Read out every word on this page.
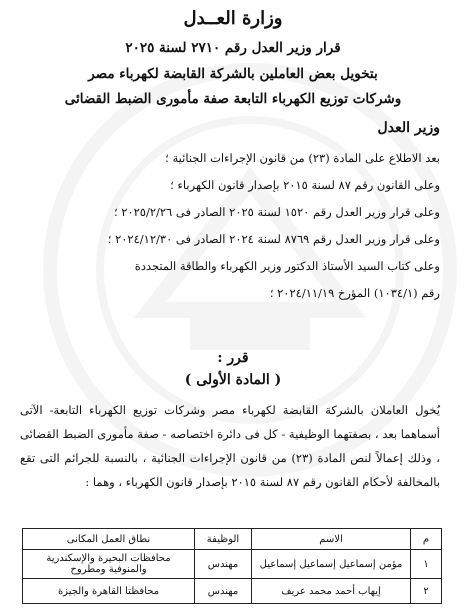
وزارة العــدل
قرار وزير العدل رقم ٢٧١٠ لسنة ٢٠٢٥
بتخويل بعض العاملين بالشركة القابضة لكهرباء مصر
وشركات توزيع الكهرباء التابعة صفة مأمورى الضبط القضائى
وزير العدل
بعد الاطلاع على المادة (٢٣) من قانون الإجراءات الجنائية ؛
وعلى القانون رقم ٨٧ لسنة ٢٠١٥ بإصدار قانون الكهرباء ؛
وعلى قرار وزير العدل رقم ١٥٢٠ لسنة ٢٠٢٥ الصادر فى ٢٠٢٥/٢/٢٦ ؛
وعلى قرار وزير العدل رقم ٨٧٦٩ لسنة ٢٠٢٤ الصادر فى ٢٠٢٤/١٢/٣٠ ؛
وعلى كتاب السيد الأستاذ الدكتور وزير الكهرباء والطاقة المتجددة
رقم (١٠٣٤/١) المؤرخ ٢٠٢٤/١١/١٩ ؛
قرر :
( المادة الأولى )
يُخول العاملان بالشركة القابضة لكهرباء مصر وشركات توزيع الكهرباء التابعة- الآتى أسماهما بعد ، بصفتهما الوظيفية - كل فى دائرة اختصاصه - صفة مأمورى الضبط القضائى ، وذلك إعمالاً لنص المادة (٢٣) من قانون الإجراءات الجنائية ، بالنسبة للجرائم التى تقع بالمخالفة لأحكام القانون رقم ٨٧ لسنة ٢٠١٥ بإصدار قانون الكهرباء ، وهما :
م	الاسم	الوظيفة	نطاق العمل المكانى
١	مؤمن إسماعيل إسماعيل إسماعيل	مهندس	محافظات البحيرة والإسكندرية والمنوفية ومطروح
٢	إيهاب أحمد محمد عريف	مهندس	محافظتا القاهرة والجيزة
